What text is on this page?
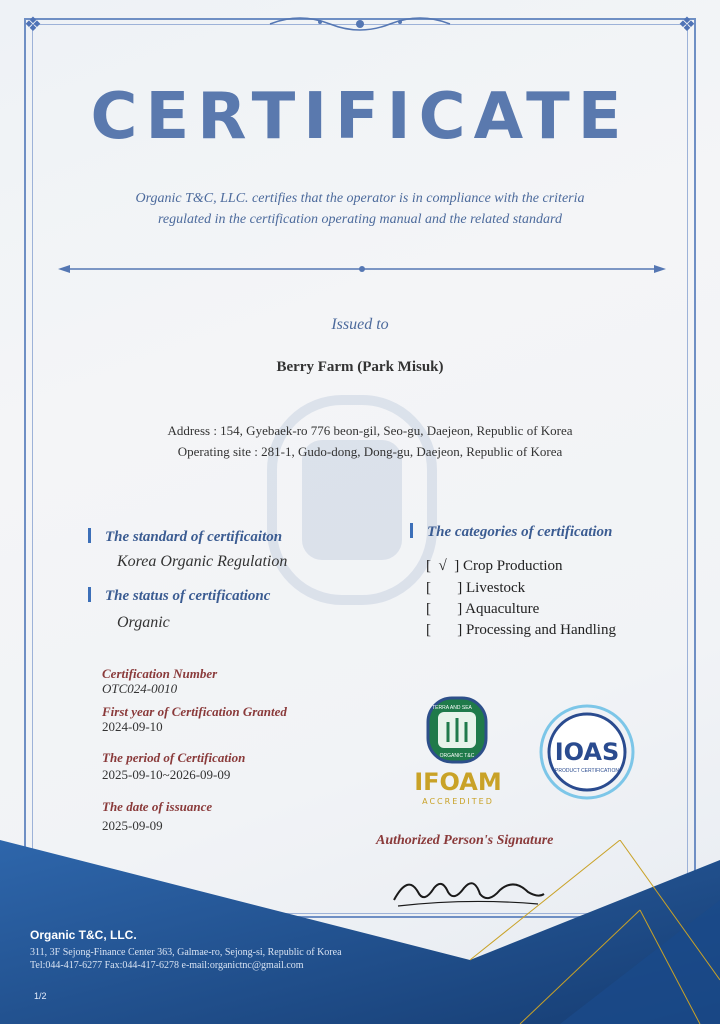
❖	❖
CERTIFICATE
Organic T&C, LLC. certifies that the operator is in compliance with the criteria regulated in the certification operating manual and the related standard
Issued to
Berry Farm (Park Misuk)
Address : 154, Gyebaek-ro 776 beon-gil, Seo-gu, Daejeon, Republic of Korea
Operating site : 281-1, Gudo-dong, Dong-gu, Daejeon, Republic of Korea
The standard of certificaiton
Korea Organic Regulation
The status of certificationc
Organic
The categories of certification
[  √  ] Crop Production
[       ] Livestock
[       ] Aquaculture
[       ] Processing and Handling
Certification Number
OTC024-0010
First year of Certification Granted
2024-09-10
The period of Certification
2025-09-10~2026-09-09
The date of issuance
2025-09-09
TERRA AND SEA
ORGANIC T&C
IFOAM
ACCREDITED
IOAS
PRODUCT CERTIFICATION
Authorized Person's Signature
Organic T&C, LLC.
311, 3F Sejong-Finance Center 363, Galmae-ro, Sejong-si, Republic of Korea
Tel:044-417-6277 Fax:044-417-6278 e-mail:organictnc@gmail.com
1/2
